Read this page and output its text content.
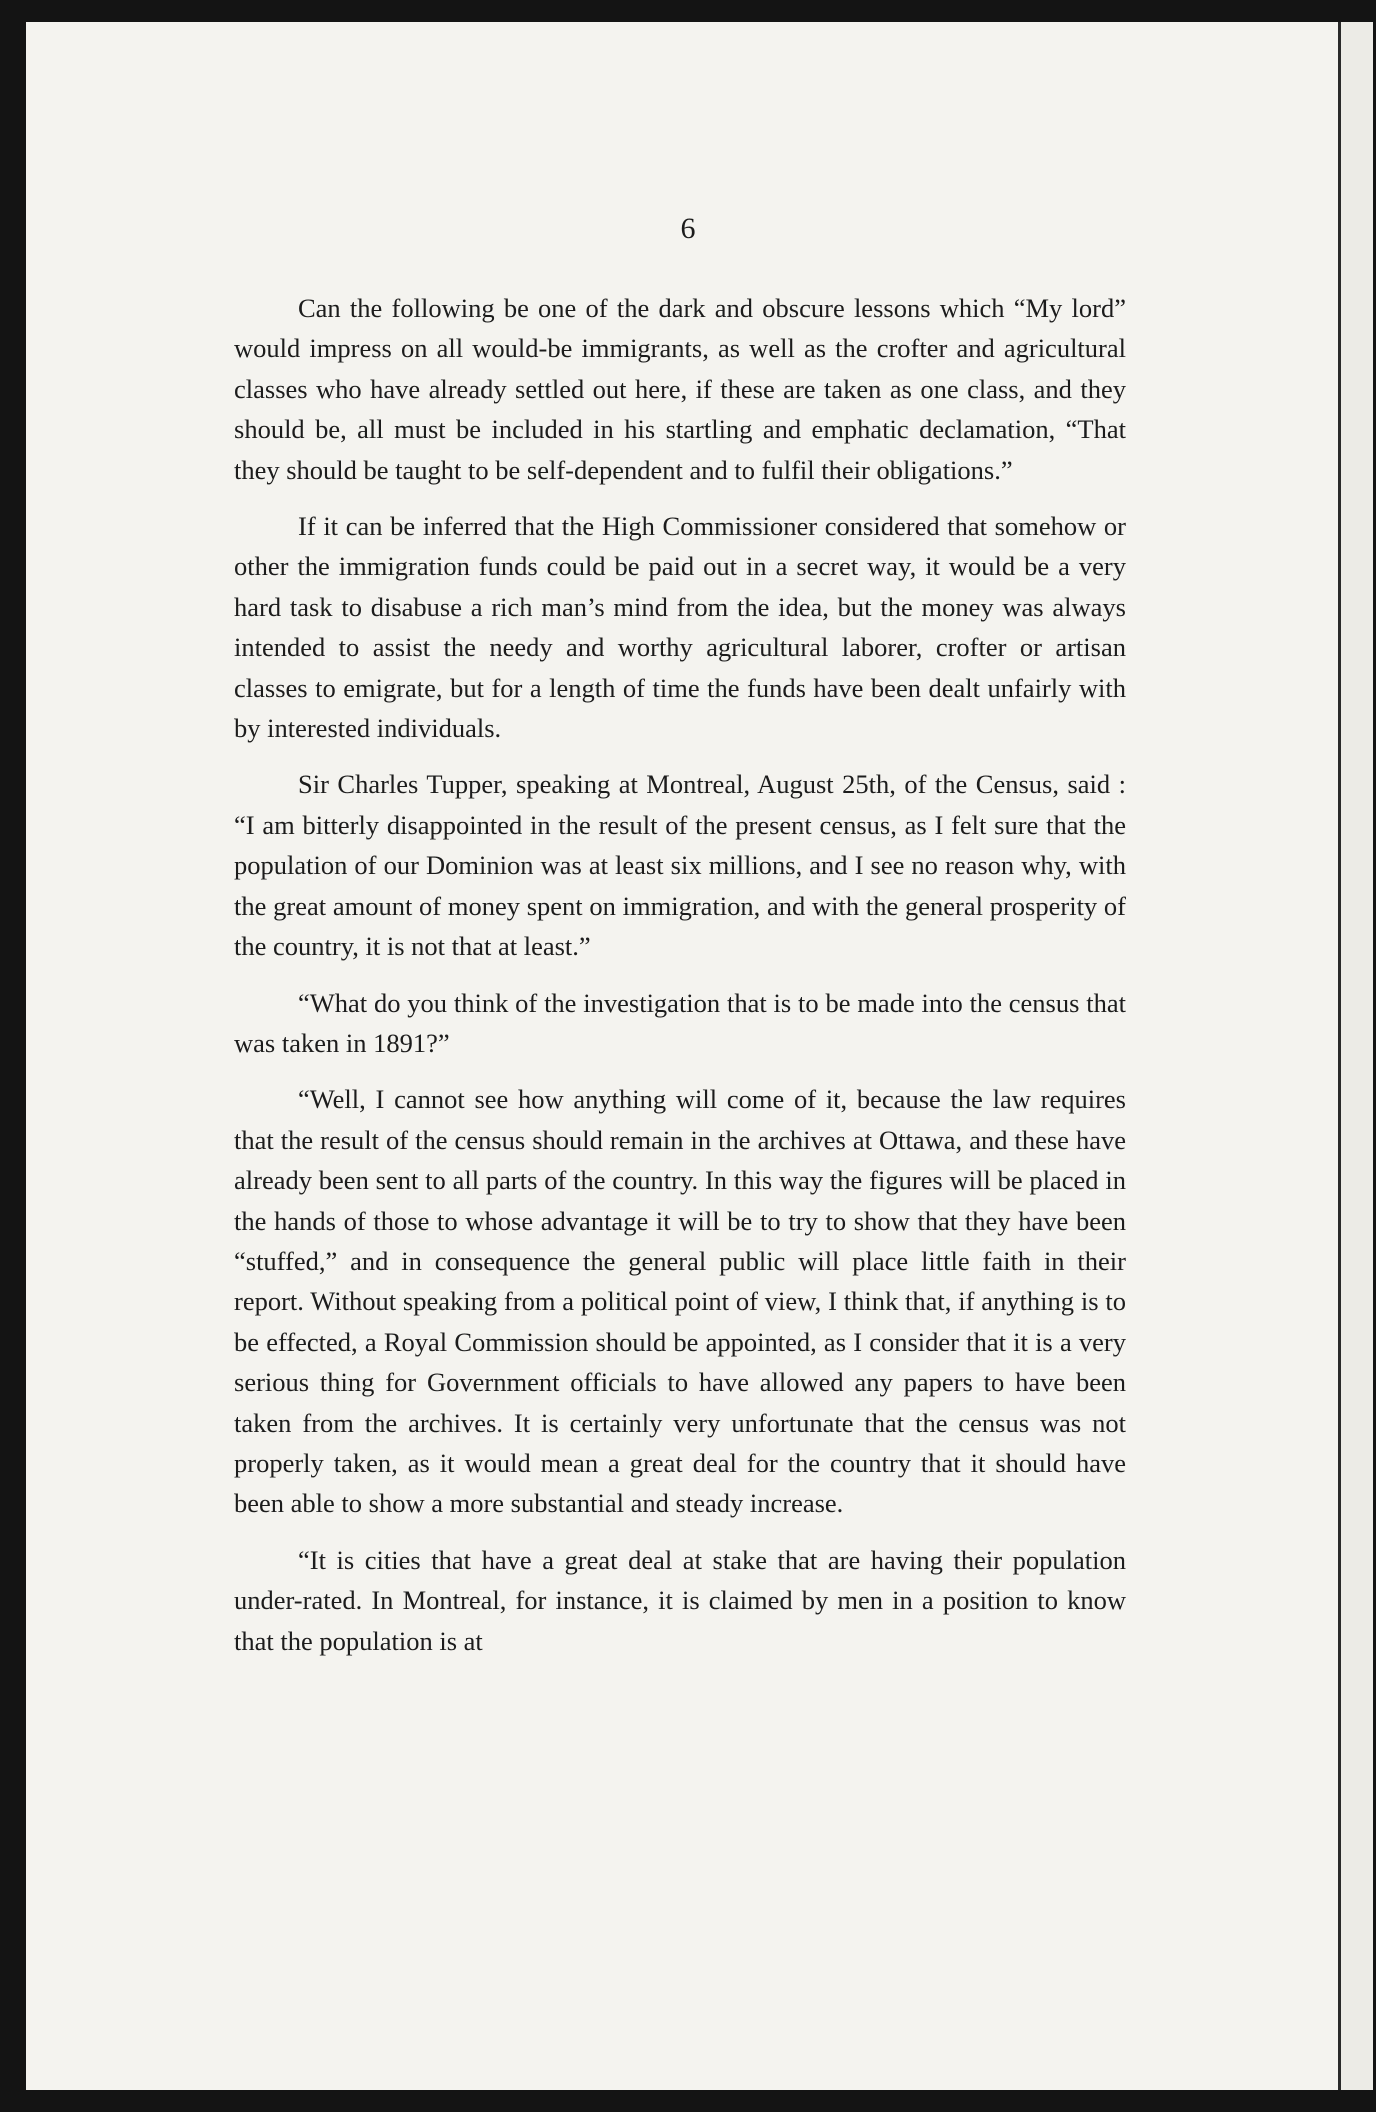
6

Can the following be one of the dark and obscure lessons which “My lord” would impress on all would-be immigrants, as well as the crofter and agricultural classes who have already settled out here, if these are taken as one class, and they should be, all must be included in his startling and emphatic declamation, “That they should be taught to be self-dependent and to fulfil their obligations.”

If it can be inferred that the High Commissioner considered that somehow or other the immigration funds could be paid out in a secret way, it would be a very hard task to disabuse a rich man’s mind from the idea, but the money was always intended to assist the needy and worthy agricultural laborer, crofter or artisan classes to emigrate, but for a length of time the funds have been dealt unfairly with by interested individuals.

Sir Charles Tupper, speaking at Montreal, August 25th, of the Census, said : “I am bitterly disappointed in the result of the present census, as I felt sure that the population of our Dominion was at least six millions, and I see no reason why, with the great amount of money spent on immigration, and with the general prosperity of the country, it is not that at least.”

“What do you think of the investigation that is to be made into the census that was taken in 1891?”

“Well, I cannot see how anything will come of it, because the law requires that the result of the census should remain in the archives at Ottawa, and these have already been sent to all parts of the country. In this way the figures will be placed in the hands of those to whose advantage it will be to try to show that they have been “stuffed,” and in consequence the general public will place little faith in their report. Without speaking from a political point of view, I think that, if anything is to be effected, a Royal Commission should be appointed, as I consider that it is a very serious thing for Government officials to have allowed any papers to have been taken from the archives. It is certainly very unfortunate that the census was not properly taken, as it would mean a great deal for the country that it should have been able to show a more substantial and steady increase.

“It is cities that have a great deal at stake that are having their population under-rated. In Montreal, for instance, it is claimed by men in a position to know that the population is at
